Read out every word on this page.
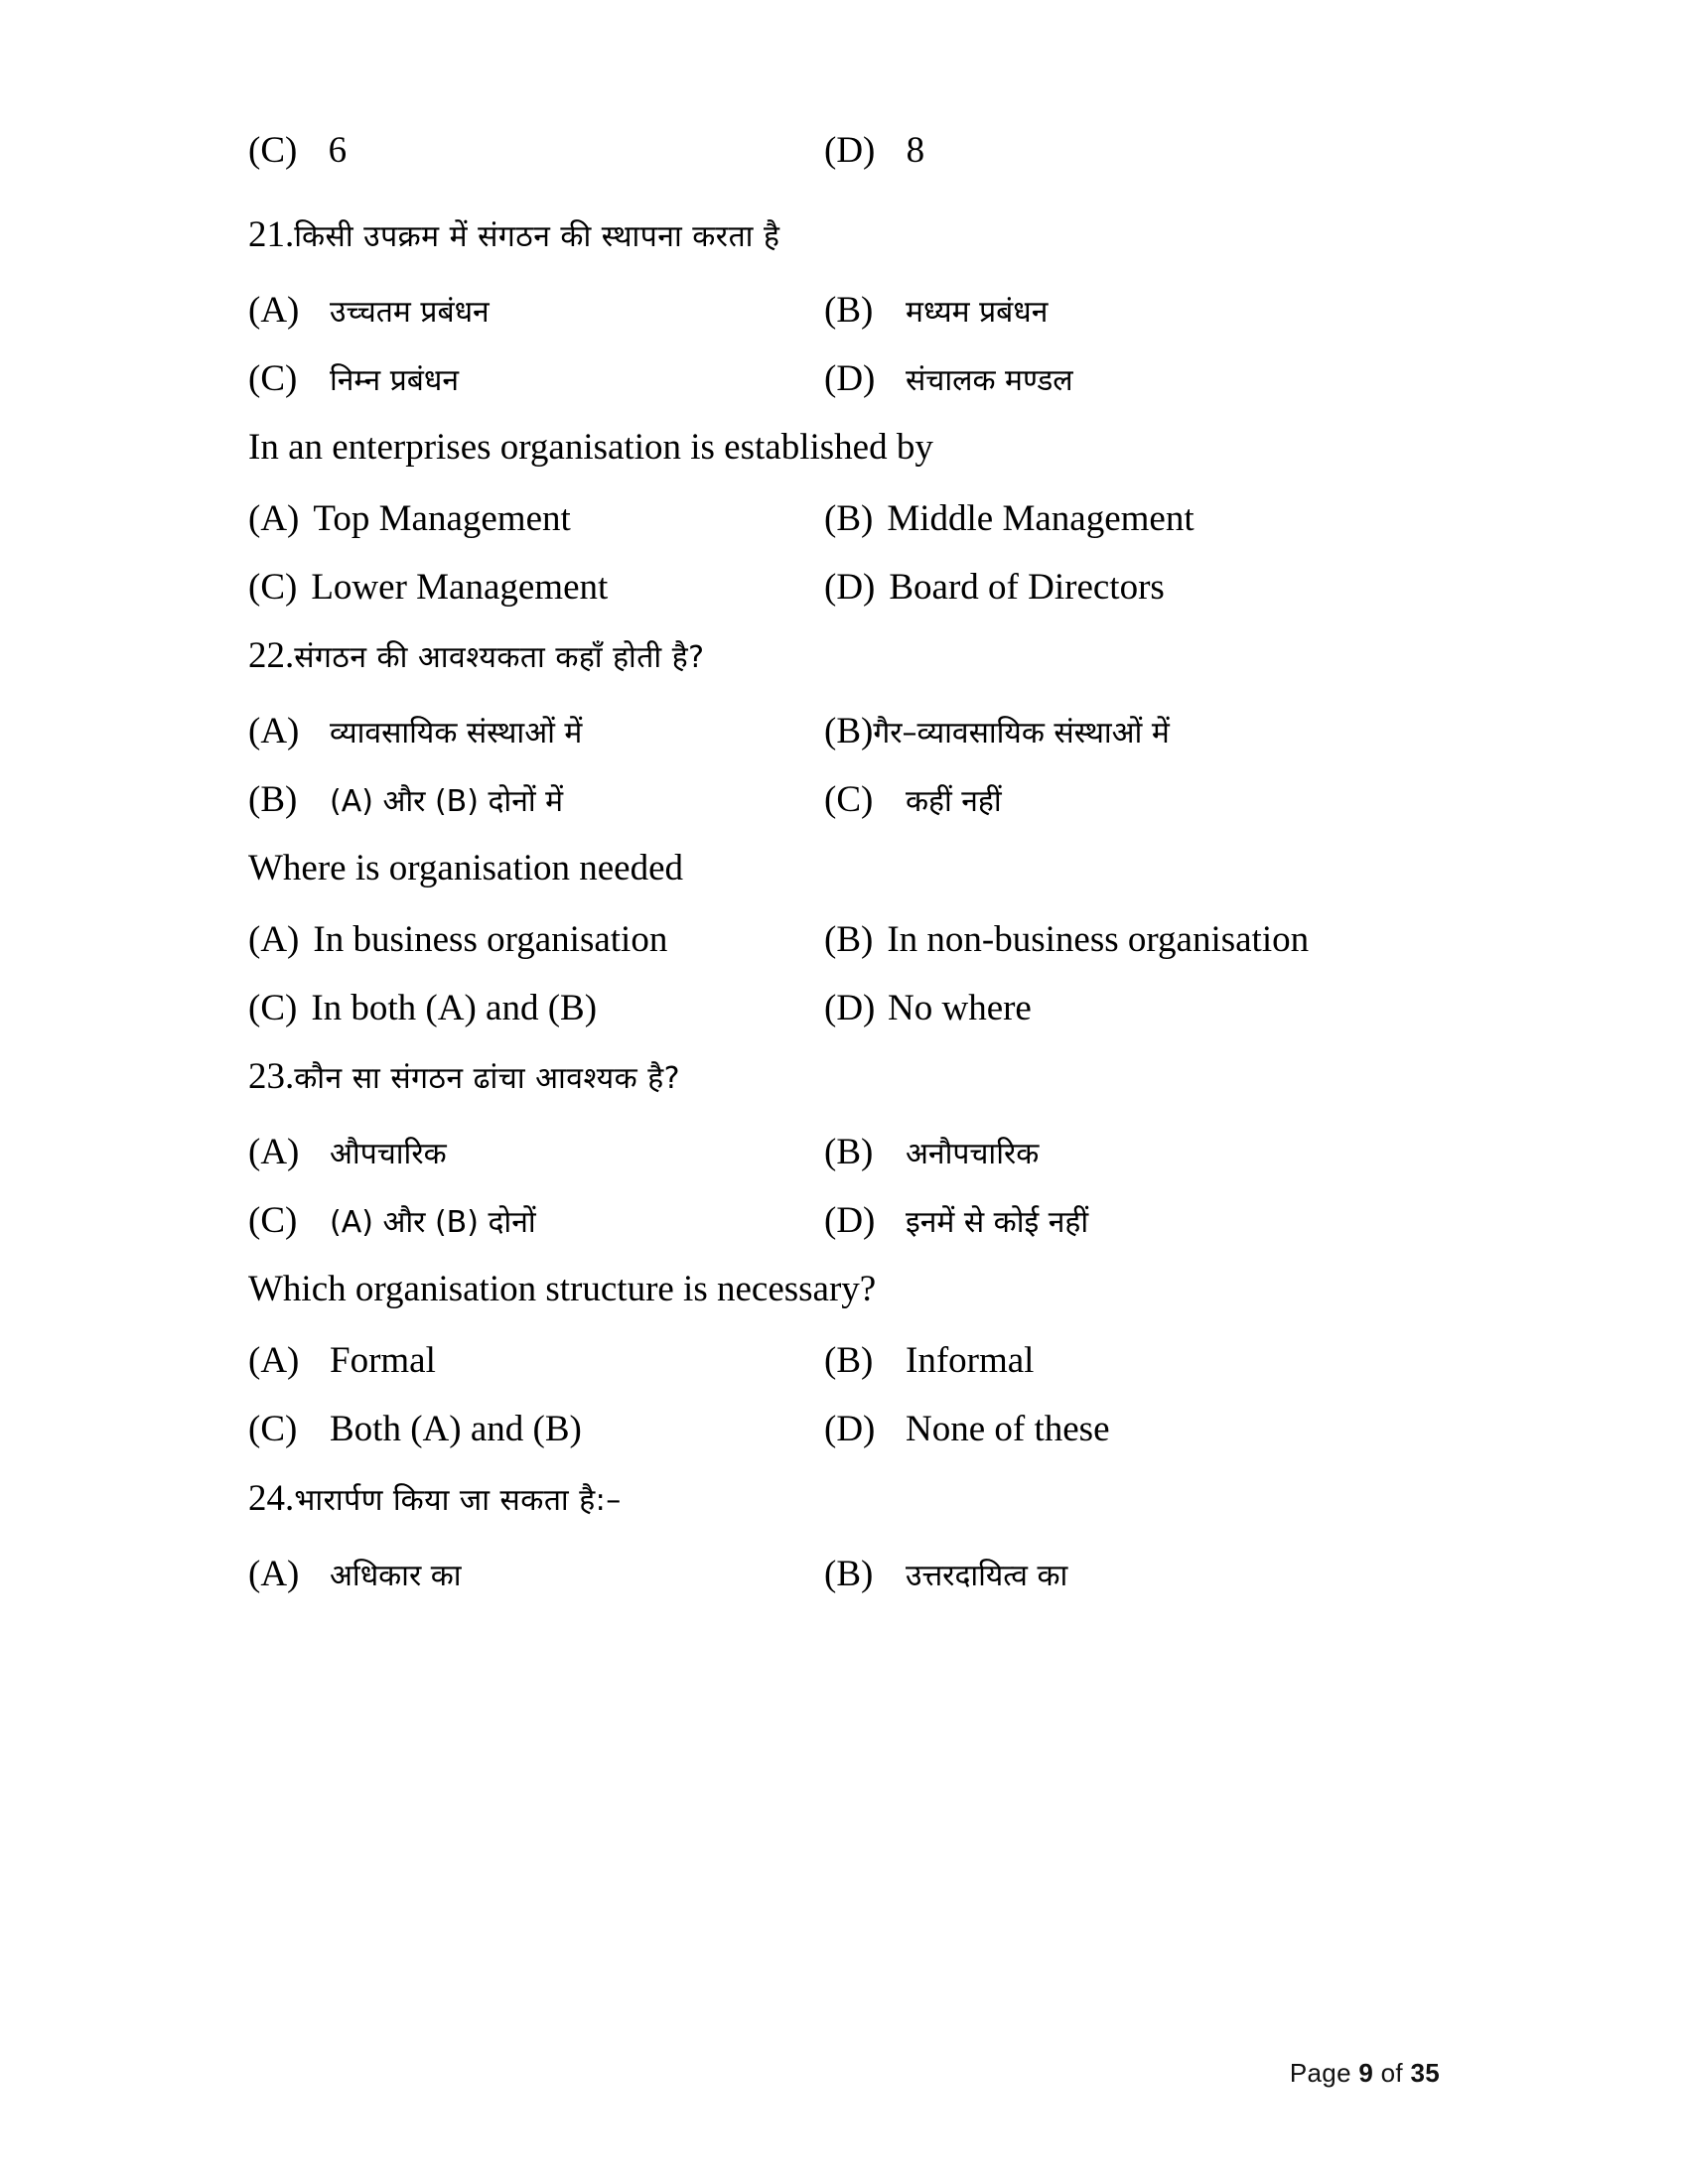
(C) 6	(D) 8
21. किसी उपक्रम में संगठन की स्थापना करता है
(A)	उच्चतम प्रबंधन	(B)	मध्यम प्रबंधन
(C)	निम्न प्रबंधन	(D)	संचालक मण्डल
In an enterprises organisation is established by
(A) Top Management	(B) Middle Management
(C) Lower Management	(D) Board of Directors
22. संगठन की आवश्यकता कहाँ होती है?
(A)	व्यावसायिक संस्थाओं में	(B) गैर–व्यावसायिक संस्थाओं में
(B)	(A) और (B) दोनों में	(C)	कहीं नहीं
Where is organisation needed
(A) In business organisation	(B) In non-business organisation
(C) In both (A) and (B)	(D) No where
23. कौन सा संगठन ढांचा आवश्यक है?
(A)	औपचारिक	(B)	अनौपचारिक
(C)	(A) और (B) दोनों	(D)	इनमें से कोई नहीं
Which organisation structure is necessary?
(A) Formal	(B) Informal
(C) Both (A) and (B)	(D) None of these
24. भारार्पण किया जा सकता है:–
(A)	अधिकार का	(B)	उत्तरदायित्व का
Page 9 of 35
